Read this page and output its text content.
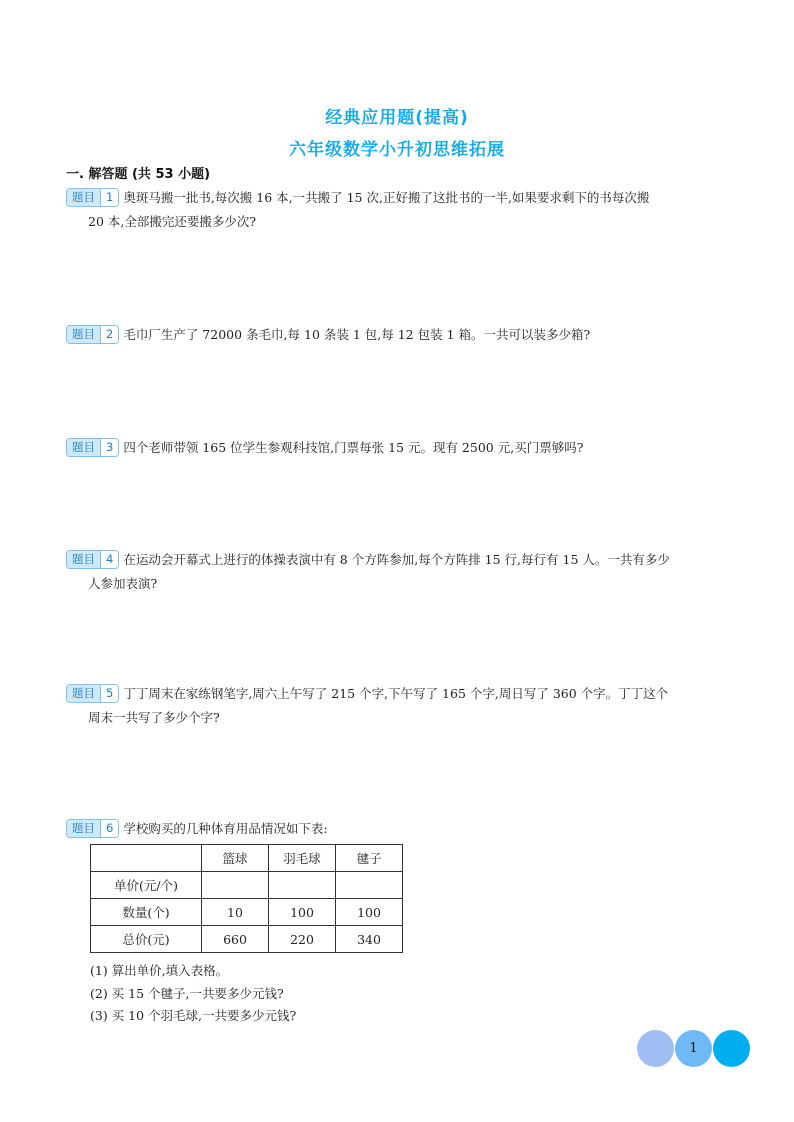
经典应用题(提高)
六年级数学小升初思维拓展
一. 解答题 (共 53 小题)
题目 1 奥斑马搬一批书,每次搬 16 本,一共搬了 15 次,正好搬了这批书的一半,如果要求剩下的书每次搬
20 本,全部搬完还要搬多少次?
题目 2 毛巾厂生产了 72000 条毛巾,每 10 条装 1 包,每 12 包装 1 箱。一共可以装多少箱?
题目 3 四个老师带领 165 位学生参观科技馆,门票每张 15 元。现有 2500 元,买门票够吗?
题目 4 在运动会开幕式上进行的体操表演中有 8 个方阵参加,每个方阵排 15 行,每行有 15 人。一共有多少
人参加表演?
题目 5 丁丁周末在家练钢笔字,周六上午写了 215 个字,下午写了 165 个字,周日写了 360 个字。丁丁这个
周末一共写了多少个字?
题目 6 学校购买的几种体育用品情况如下表:
	篮球	羽毛球	毽子
单价(元/个)			
数量(个)	10	100	100
总价(元)	660	220	340
(1) 算出单价,填入表格。
(2) 买 15 个毽子,一共要多少元钱?
(3) 买 10 个羽毛球,一共要多少元钱?
1
